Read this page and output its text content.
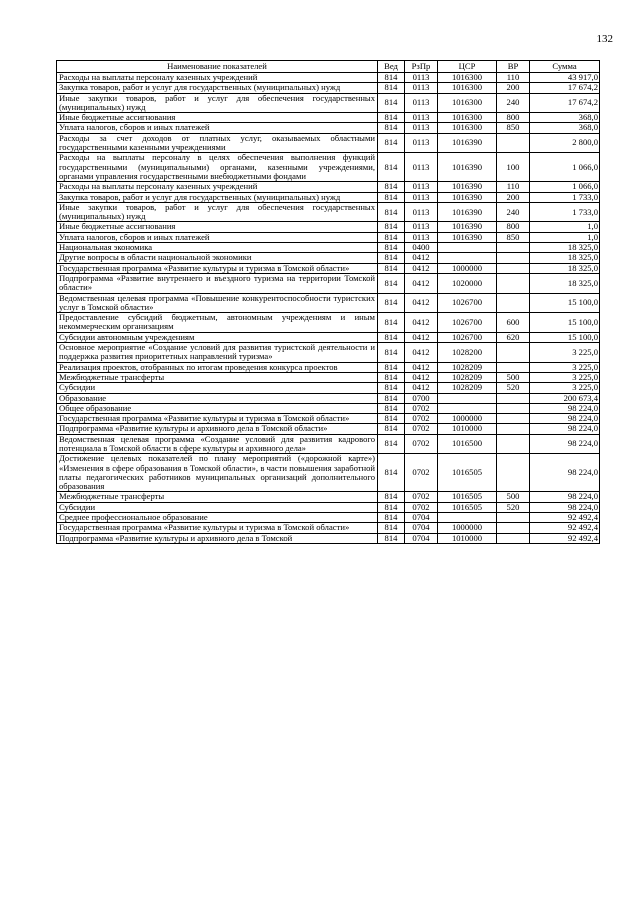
132
Наименование показателей	Вед	РзПр	ЦСР	ВР	Сумма
Расходы на выплаты персоналу казенных учреждений	814	0113	1016300	110	43 917,0
Закупка товаров, работ и услуг для государственных (муниципальных) нужд	814	0113	1016300	200	17 674,2
Иные закупки товаров, работ и услуг для обеспечения государственных (муниципальных) нужд	814	0113	1016300	240	17 674,2
Иные бюджетные ассигнования	814	0113	1016300	800	368,0
Уплата налогов, сборов и иных платежей	814	0113	1016300	850	368,0
Расходы за счет доходов от платных услуг, оказываемых областными государственными казенными учреждениями	814	0113	1016390		2 800,0
Расходы на выплаты персоналу в целях обеспечения выполнения функций государственными (муниципальными) органами, казенными учреждениями, органами управления государственными внебюджетными фондами	814	0113	1016390	100	1 066,0
Расходы на выплаты персоналу казенных учреждений	814	0113	1016390	110	1 066,0
Закупка товаров, работ и услуг для государственных (муниципальных) нужд	814	0113	1016390	200	1 733,0
Иные закупки товаров, работ и услуг для обеспечения государственных (муниципальных) нужд	814	0113	1016390	240	1 733,0
Иные бюджетные ассигнования	814	0113	1016390	800	1,0
Уплата налогов, сборов и иных платежей	814	0113	1016390	850	1,0
Национальная экономика	814	0400			18 325,0
Другие вопросы в области национальной экономики	814	0412			18 325,0
Государственная программа «Развитие культуры и туризма в Томской области»	814	0412	1000000		18 325,0
Подпрограмма «Развитие внутреннего и въездного туризма на территории Томской области»	814	0412	1020000		18 325,0
Ведомственная целевая программа «Повышение конкурентоспособности туристских услуг в Томской области»	814	0412	1026700		15 100,0
Предоставление субсидий бюджетным, автономным учреждениям и иным некоммерческим организациям	814	0412	1026700	600	15 100,0
Субсидии автономным учреждениям	814	0412	1026700	620	15 100,0
Основное мероприятие «Создание условий для развития туристской деятельности и поддержка развития приоритетных направлений туризма»	814	0412	1028200		3 225,0
Реализация проектов, отобранных по итогам проведения конкурса проектов	814	0412	1028209		3 225,0
Межбюджетные трансферты	814	0412	1028209	500	3 225,0
Субсидии	814	0412	1028209	520	3 225,0
Образование	814	0700			200 673,4
Общее образование	814	0702			98 224,0
Государственная программа «Развитие культуры и туризма в Томской области»	814	0702	1000000		98 224,0
Подпрограмма «Развитие культуры и архивного дела в Томской области»	814	0702	1010000		98 224,0
Ведомственная целевая программа «Создание условий для развития кадрового потенциала в Томской области в сфере культуры и архивного дела»	814	0702	1016500		98 224,0
Достижение целевых показателей по плану мероприятий («дорожной карте») «Изменения в сфере образования в Томской области», в части повышения заработной платы педагогических работников муниципальных организаций дополнительного образования	814	0702	1016505		98 224,0
Межбюджетные трансферты	814	0702	1016505	500	98 224,0
Субсидии	814	0702	1016505	520	98 224,0
Среднее профессиональное образование	814	0704			92 492,4
Государственная программа «Развитие культуры и туризма в Томской области»	814	0704	1000000		92 492,4
Подпрограмма «Развитие культуры и архивного дела в Томской	814	0704	1010000		92 492,4
